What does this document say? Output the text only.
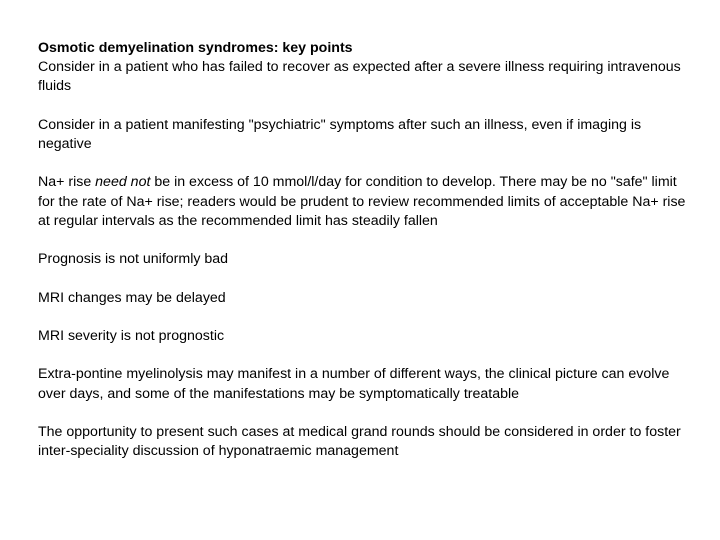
Osmotic demyelination syndromes: key points

Consider in a patient who has failed to recover as expected after a severe illness requiring intravenous fluids

Consider in a patient manifesting "psychiatric" symptoms after such an illness, even if imaging is negative

Na+ rise need not be in excess of 10 mmol/l/day for condition to develop. There may be no "safe" limit for the rate of Na+ rise; readers would be prudent to review recommended limits of acceptable Na+ rise at regular intervals as the recommended limit has steadily fallen

Prognosis is not uniformly bad

MRI changes may be delayed

MRI severity is not prognostic

Extra-pontine myelinolysis may manifest in a number of different ways, the clinical picture can evolve over days, and some of the manifestations may be symptomatically treatable

The opportunity to present such cases at medical grand rounds should be considered in order to foster inter-speciality discussion of hyponatraemic management
